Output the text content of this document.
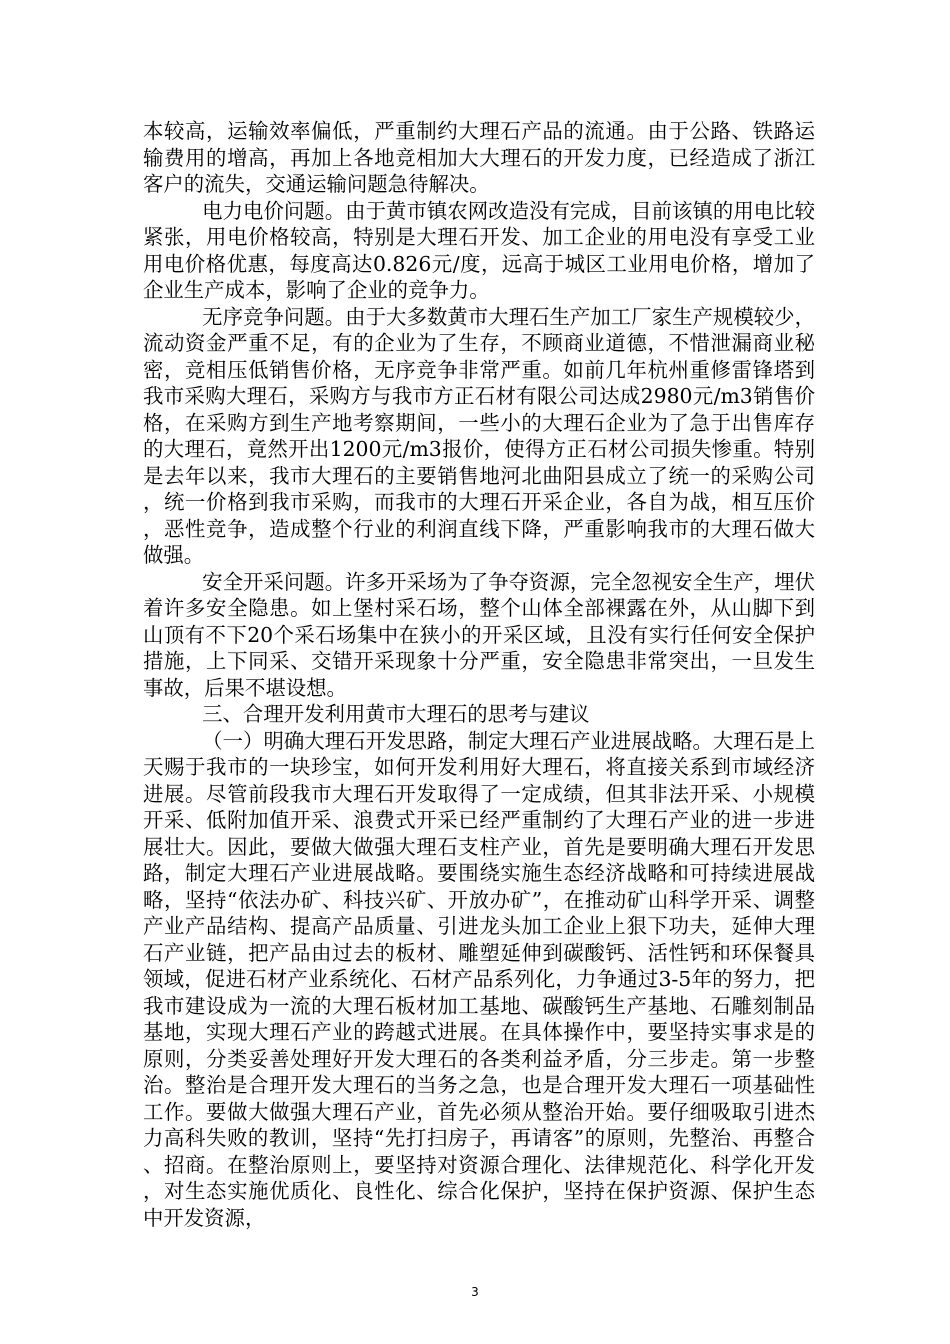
本较高，运输效率偏低，严重制约大理石产品的流通。由于公路、铁路运输费用的增高，再加上各地竞相加大大理石的开发力度，已经造成了浙江客户的流失，交通运输问题急待解决。

电力电价问题。由于黄市镇农网改造没有完成，目前该镇的用电比较紧张，用电价格较高，特别是大理石开发、加工企业的用电没有享受工业用电价格优惠，每度高达0.826元/度，远高于城区工业用电价格，增加了企业生产成本，影响了企业的竞争力。

无序竞争问题。由于大多数黄市大理石生产加工厂家生产规模较少，流动资金严重不足，有的企业为了生存，不顾商业道德，不惜泄漏商业秘密，竞相压低销售价格，无序竞争非常严重。如前几年杭州重修雷锋塔到我市采购大理石，采购方与我市方正石材有限公司达成2980元/m3销售价格，在采购方到生产地考察期间，一些小的大理石企业为了急于出售库存的大理石，竟然开出1200元/m3报价，使得方正石材公司损失惨重。特别是去年以来，我市大理石的主要销售地河北曲阳县成立了统一的采购公司，统一价格到我市采购，而我市的大理石开采企业，各自为战，相互压价，恶性竞争，造成整个行业的利润直线下降，严重影响我市的大理石做大做强。

安全开采问题。许多开采场为了争夺资源，完全忽视安全生产，埋伏着许多安全隐患。如上堡村采石场，整个山体全部裸露在外，从山脚下到山顶有不下20个采石场集中在狭小的开采区域，且没有实行任何安全保护措施，上下同采、交错开采现象十分严重，安全隐患非常突出，一旦发生事故，后果不堪设想。

三、合理开发利用黄市大理石的思考与建议

（一）明确大理石开发思路，制定大理石产业进展战略。大理石是上天赐于我市的一块珍宝，如何开发利用好大理石，将直接关系到市域经济进展。尽管前段我市大理石开发取得了一定成绩，但其非法开采、小规模开采、低附加值开采、浪费式开采已经严重制约了大理石产业的进一步进展壮大。因此，要做大做强大理石支柱产业，首先是要明确大理石开发思路，制定大理石产业进展战略。要围绕实施生态经济战略和可持续进展战略，坚持“依法办矿、科技兴矿、开放办矿”，在推动矿山科学开采、调整产业产品结构、提高产品质量、引进龙头加工企业上狠下功夫，延伸大理石产业链，把产品由过去的板材、雕塑延伸到碳酸钙、活性钙和环保餐具领域，促进石材产业系统化、石材产品系列化，力争通过3-5年的努力，把我市建设成为一流的大理石板材加工基地、碳酸钙生产基地、石雕刻制品基地，实现大理石产业的跨越式进展。在具体操作中，要坚持实事求是的原则，分类妥善处理好开发大理石的各类利益矛盾，分三步走。第一步整治。整治是合理开发大理石的当务之急，也是合理开发大理石一项基础性工作。要做大做强大理石产业，首先必须从整治开始。要仔细吸取引进杰力高科失败的教训，坚持“先打扫房子，再请客”的原则，先整治、再整合、招商。在整治原则上，要坚持对资源合理化、法律规范化、科学化开发，对生态实施优质化、良性化、综合化保护，坚持在保护资源、保护生态中开发资源，

3
